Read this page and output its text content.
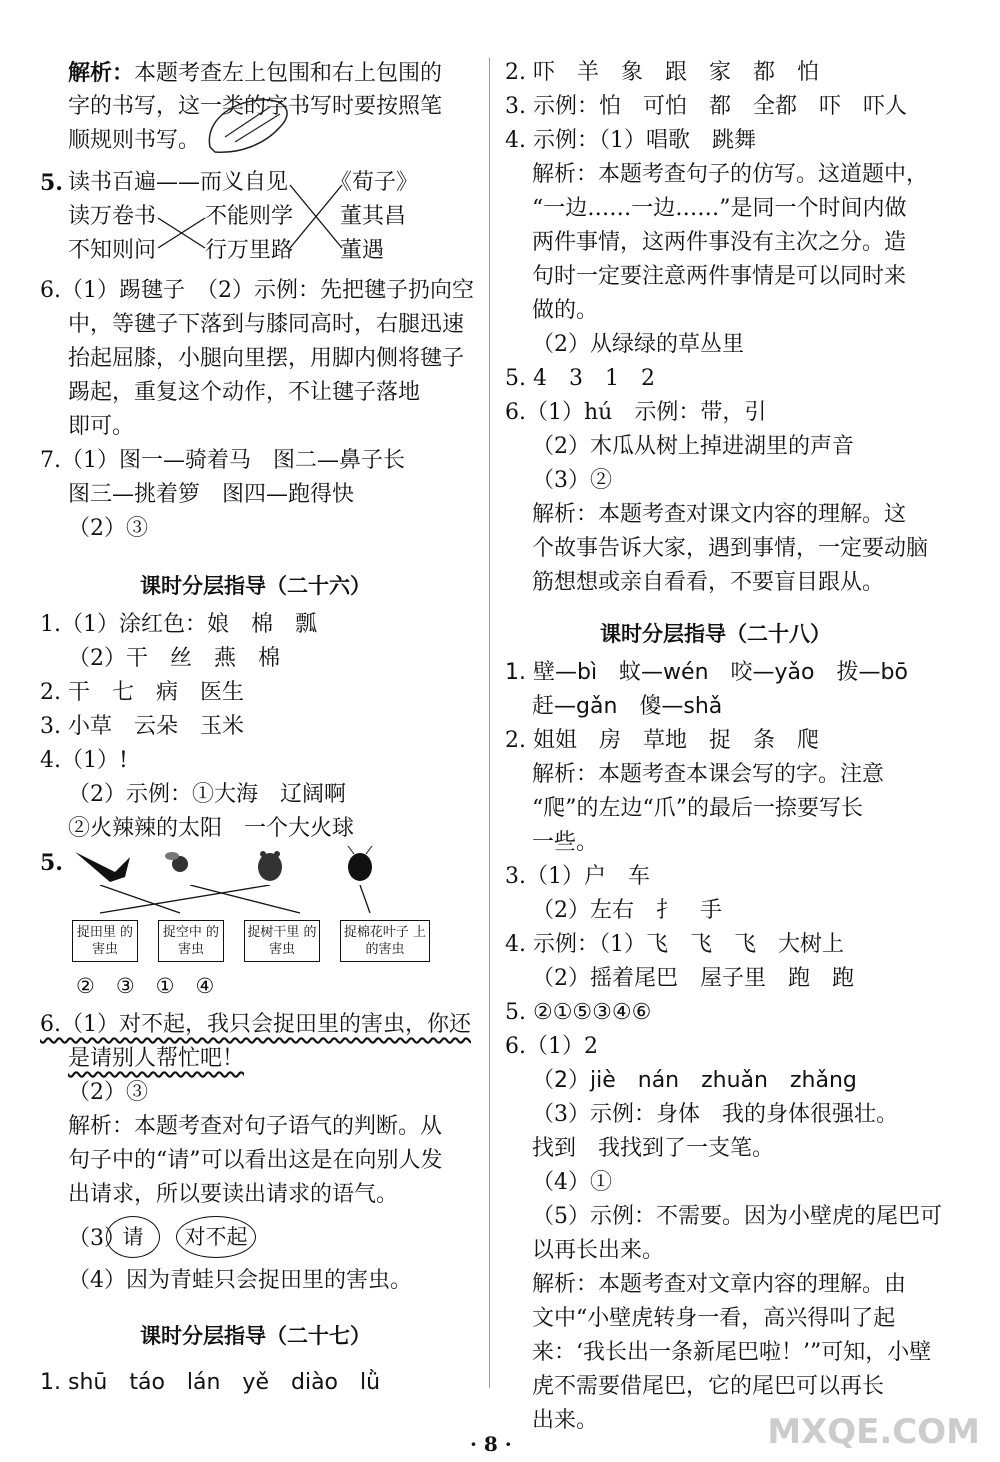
解析：本题考查左上包围和右上包围的
字的书写，这一类的字书写时要按照笔
顺规则书写。
5. 读书百遍——而义自见 《荀子》
读万卷书 不能则学 董其昌
不知则问 行万里路 董遇
6.（1）踢毽子　（2）示例：先把毽子扔向空
中，等毽子下落到与膝同高时，右腿迅速
抬起屈膝，小腿向里摆，用脚内侧将毽子
踢起，重复这个动作，不让毽子落地
即可。
7.（1）图一—骑着马　图二—鼻子长
图三—挑着箩　图四—跑得快
（2）③
课时分层指导（二十六）
1.（1）涂红色：娘　棉　瓢
（2）干　丝　燕　棉
2. 干　七　病　医生
3. 小草　云朵　玉米
4.（1）!
（2）示例：①大海　辽阔啊
②火辣辣的太阳　一个大火球
5.
捉田里 的害虫
捉空中 的害虫
捉树干里 的害虫
捉棉花叶子 上的害虫
②　③　①　④
6.（1）对不起，我只会捉田里的害虫，你还
是请别人帮忙吧！
（2）③
解析：本题考查对句子语气的判断。从
句子中的“请”可以看出这是在向别人发
出请求，所以要读出请求的语气。
（3）
请	对不起
（4）因为青蛙只会捉田里的害虫。
课时分层指导（二十七）
1. shū　táo　lán　yě　diào　lǜ
2. 吓　羊　象　跟　家　都　怕
3. 示例：怕　可怕　都　全都　吓　吓人
4. 示例：（1）唱歌　跳舞
解析：本题考查句子的仿写。这道题中，
“一边……一边……”是同一个时间内做
两件事情，这两件事没有主次之分。造
句时一定要注意两件事情是可以同时来
做的。
（2）从绿绿的草丛里
5. 4　3　1　2
6.（1）hú　示例：带，引
（2）木瓜从树上掉进湖里的声音
（3）②
解析：本题考查对课文内容的理解。这
个故事告诉大家，遇到事情，一定要动脑
筋想想或亲自看看，不要盲目跟从。
课时分层指导（二十八）
1. 壁—bì　蚊—wén　咬—yǎo　拨—bō
赶—gǎn　傻—shǎ
2. 姐姐　房　草地　捉　条　爬
解析：本题考查本课会写的字。注意
“爬”的左边“爪”的最后一捺要写长
一些。
3.（1）户　车
（2）左右　扌　手
4. 示例：（1）飞　飞　飞　大树上
（2）摇着尾巴　屋子里　跑　跑
5. ②①⑤③④⑥
6.（1）2
（2）jiè　nán　zhuǎn　zhǎng
（3）示例：身体　我的身体很强壮。
找到　我找到了一支笔。
（4）①
（5）示例：不需要。因为小壁虎的尾巴可
以再长出来。
解析：本题考查对文章内容的理解。由
文中“小壁虎转身一看，高兴得叫了起
来：‘我长出一条新尾巴啦！’”可知，小壁
虎不需要借尾巴，它的尾巴可以再长
出来。
· 8 ·	MXQE.COM
